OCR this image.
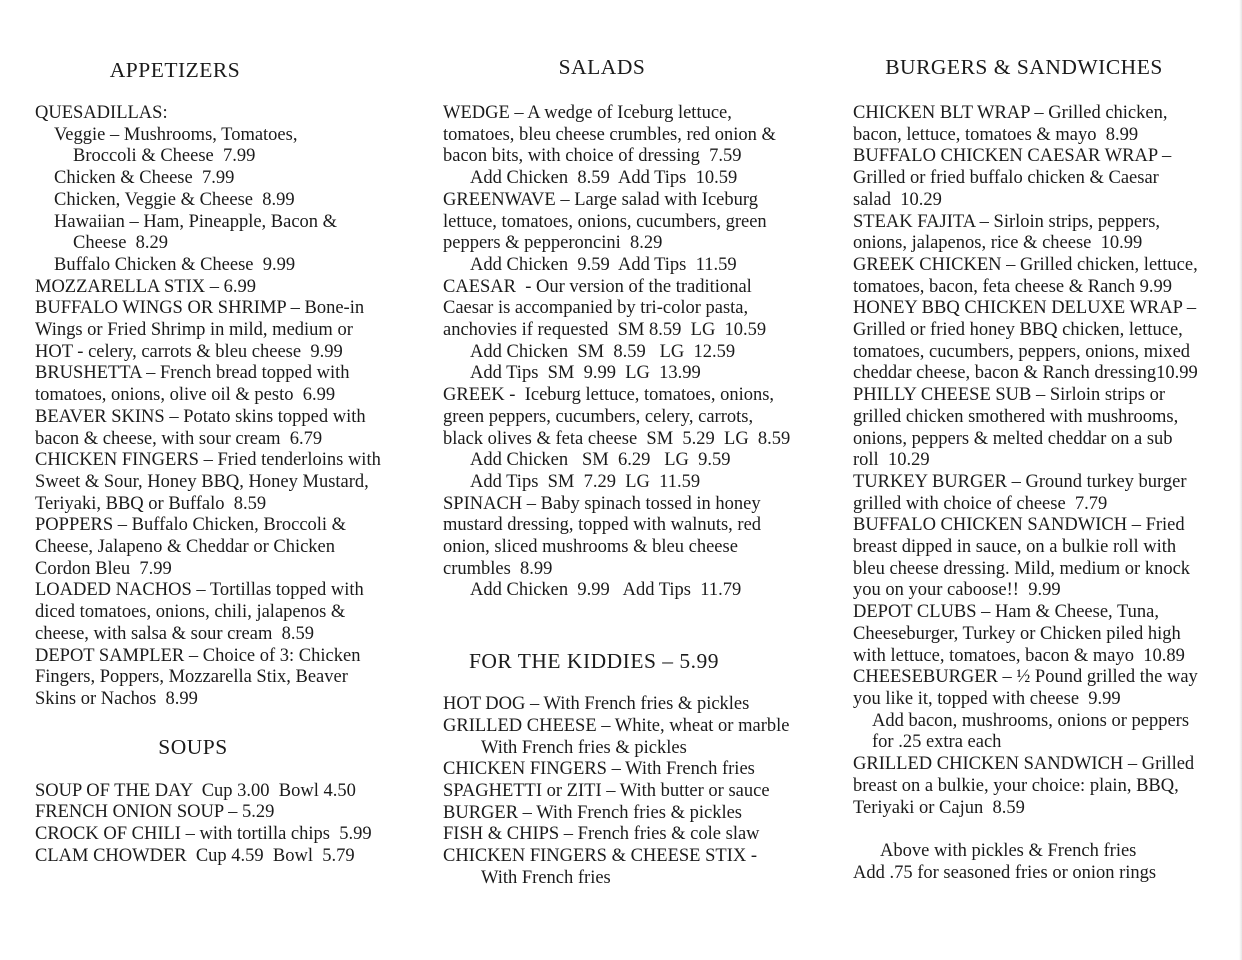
APPETIZERS
QUESADILLAS:
Veggie – Mushrooms, Tomatoes,
Broccoli & Cheese  7.99
Chicken & Cheese  7.99
Chicken, Veggie & Cheese  8.99
Hawaiian – Ham, Pineapple, Bacon &
Cheese  8.29
Buffalo Chicken & Cheese  9.99
MOZZARELLA STIX – 6.99
BUFFALO WINGS OR SHRIMP – Bone-in
Wings or Fried Shrimp in mild, medium or
HOT - celery, carrots & bleu cheese  9.99
BRUSHETTA – French bread topped with
tomatoes, onions, olive oil & pesto  6.99
BEAVER SKINS – Potato skins topped with
bacon & cheese, with sour cream  6.79
CHICKEN FINGERS – Fried tenderloins with
Sweet & Sour, Honey BBQ, Honey Mustard,
Teriyaki, BBQ or Buffalo  8.59
POPPERS – Buffalo Chicken, Broccoli &
Cheese, Jalapeno & Cheddar or Chicken
Cordon Bleu  7.99
LOADED NACHOS – Tortillas topped with
diced tomatoes, onions, chili, jalapenos &
cheese, with salsa & sour cream  8.59
DEPOT SAMPLER – Choice of 3: Chicken
Fingers, Poppers, Mozzarella Stix, Beaver
Skins or Nachos  8.99
SOUPS
SOUP OF THE DAY  Cup 3.00  Bowl 4.50
FRENCH ONION SOUP – 5.29
CROCK OF CHILI – with tortilla chips  5.99
CLAM CHOWDER  Cup 4.59  Bowl  5.79
SALADS
WEDGE – A wedge of Iceburg lettuce,
tomatoes, bleu cheese crumbles, red onion &
bacon bits, with choice of dressing  7.59
Add Chicken  8.59  Add Tips  10.59
GREENWAVE – Large salad with Iceburg
lettuce, tomatoes, onions, cucumbers, green
peppers & pepperoncini  8.29
Add Chicken  9.59  Add Tips  11.59
CAESAR  - Our version of the traditional
Caesar is accompanied by tri-color pasta,
anchovies if requested  SM 8.59  LG  10.59
Add Chicken  SM  8.59   LG  12.59
Add Tips  SM  9.99  LG  13.99
GREEK -  Iceburg lettuce, tomatoes, onions,
green peppers, cucumbers, celery, carrots,
black olives & feta cheese  SM  5.29  LG  8.59
Add Chicken   SM  6.29   LG  9.59
Add Tips  SM  7.29  LG  11.59
SPINACH – Baby spinach tossed in honey
mustard dressing, topped with walnuts, red
onion, sliced mushrooms & bleu cheese
crumbles  8.99
Add Chicken  9.99   Add Tips  11.79
FOR THE KIDDIES – 5.99
HOT DOG – With French fries & pickles
GRILLED CHEESE – White, wheat or marble
With French fries & pickles
CHICKEN FINGERS – With French fries
SPAGHETTI or ZITI – With butter or sauce
BURGER – With French fries & pickles
FISH & CHIPS – French fries & cole slaw
CHICKEN FINGERS & CHEESE STIX -
With French fries
BURGERS & SANDWICHES
CHICKEN BLT WRAP – Grilled chicken,
bacon, lettuce, tomatoes & mayo  8.99
BUFFALO CHICKEN CAESAR WRAP –
Grilled or fried buffalo chicken & Caesar
salad  10.29
STEAK FAJITA – Sirloin strips, peppers,
onions, jalapenos, rice & cheese  10.99
GREEK CHICKEN – Grilled chicken, lettuce,
tomatoes, bacon, feta cheese & Ranch 9.99
HONEY BBQ CHICKEN DELUXE WRAP –
Grilled or fried honey BBQ chicken, lettuce,
tomatoes, cucumbers, peppers, onions, mixed
cheddar cheese, bacon & Ranch dressing10.99
PHILLY CHEESE SUB – Sirloin strips or
grilled chicken smothered with mushrooms,
onions, peppers & melted cheddar on a sub
roll  10.29
TURKEY BURGER – Ground turkey burger
grilled with choice of cheese  7.79
BUFFALO CHICKEN SANDWICH – Fried
breast dipped in sauce, on a bulkie roll with
bleu cheese dressing. Mild, medium or knock
you on your caboose!!  9.99
DEPOT CLUBS – Ham & Cheese, Tuna,
Cheeseburger, Turkey or Chicken piled high
with lettuce, tomatoes, bacon & mayo  10.89
CHEESEBURGER – ½ Pound grilled the way
you like it, topped with cheese  9.99
Add bacon, mushrooms, onions or peppers
for .25 extra each
GRILLED CHICKEN SANDWICH – Grilled
breast on a bulkie, your choice: plain, BBQ,
Teriyaki or Cajun  8.59
Above with pickles & French fries
Add .75 for seasoned fries or onion rings
